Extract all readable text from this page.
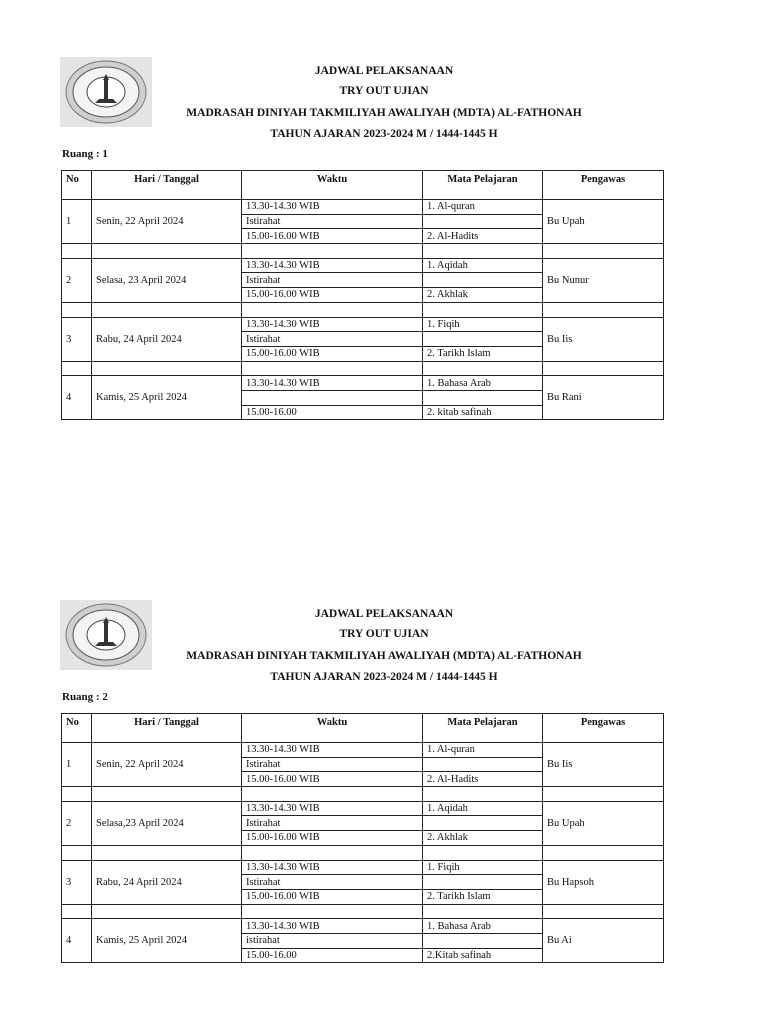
JADWAL PELAKSANAAN
TRY OUT UJIAN
MADRASAH DINIYAH TAKMILIYAH AWALIYAH (MDTA) AL-FATHONAH
TAHUN AJARAN 2023-2024 M / 1444-1445 H
Ruang : 1
No	Hari / Tanggal	Waktu	Mata Pelajaran	Pengawas
1	Senin, 22 April 2024	13.30-14.30 WIB	1. Al-quran	Bu Upah
		Istirahat		
		15.00-16.00 WIB	2. Al-Hadits	

2	Selasa, 23 April 2024	13.30-14.30 WIB	1. Aqidah	Bu Nunur
		Istirahat		
		15.00-16.00 WIB	2. Akhlak	

3	Rabu, 24 April 2024	13.30-14.30 WIB	1. Fiqih	Bu Iis
		Istirahat		
		15.00-16.00 WIB	2. Tarikh Islam	

4	Kamis, 25 April 2024	13.30-14.30 WIB	1. Bahasa Arab	Bu Rani

		15.00-16.00	2. kitab safinah	
JADWAL PELAKSANAAN
TRY OUT UJIAN
MADRASAH DINIYAH TAKMILIYAH AWALIYAH (MDTA) AL-FATHONAH
TAHUN AJARAN 2023-2024 M / 1444-1445 H
Ruang : 2
No	Hari / Tanggal	Waktu	Mata Pelajaran	Pengawas
1	Senin, 22 April 2024	13.30-14.30 WIB	1. Al-quran	Bu Iis
		Istirahat		
		15.00-16.00 WIB	2. Al-Hadits	

2	Selasa,23 April 2024	13.30-14.30 WIB	1. Aqidah	Bu Upah
		Istirahat		
		15.00-16.00 WIB	2. Akhlak	

3	Rabu, 24 April 2024	13.30-14.30 WIB	1. Fiqih	Bu Hapsoh
		Istirahat		
		15.00-16.00 WIB	2. Tarikh Islam	

4	Kamis, 25 April 2024	13.30-14.30 WIB	1. Bahasa Arab	Bu Ai
		istirahat		
		15.00-16.00	2.Kitab safinah	
